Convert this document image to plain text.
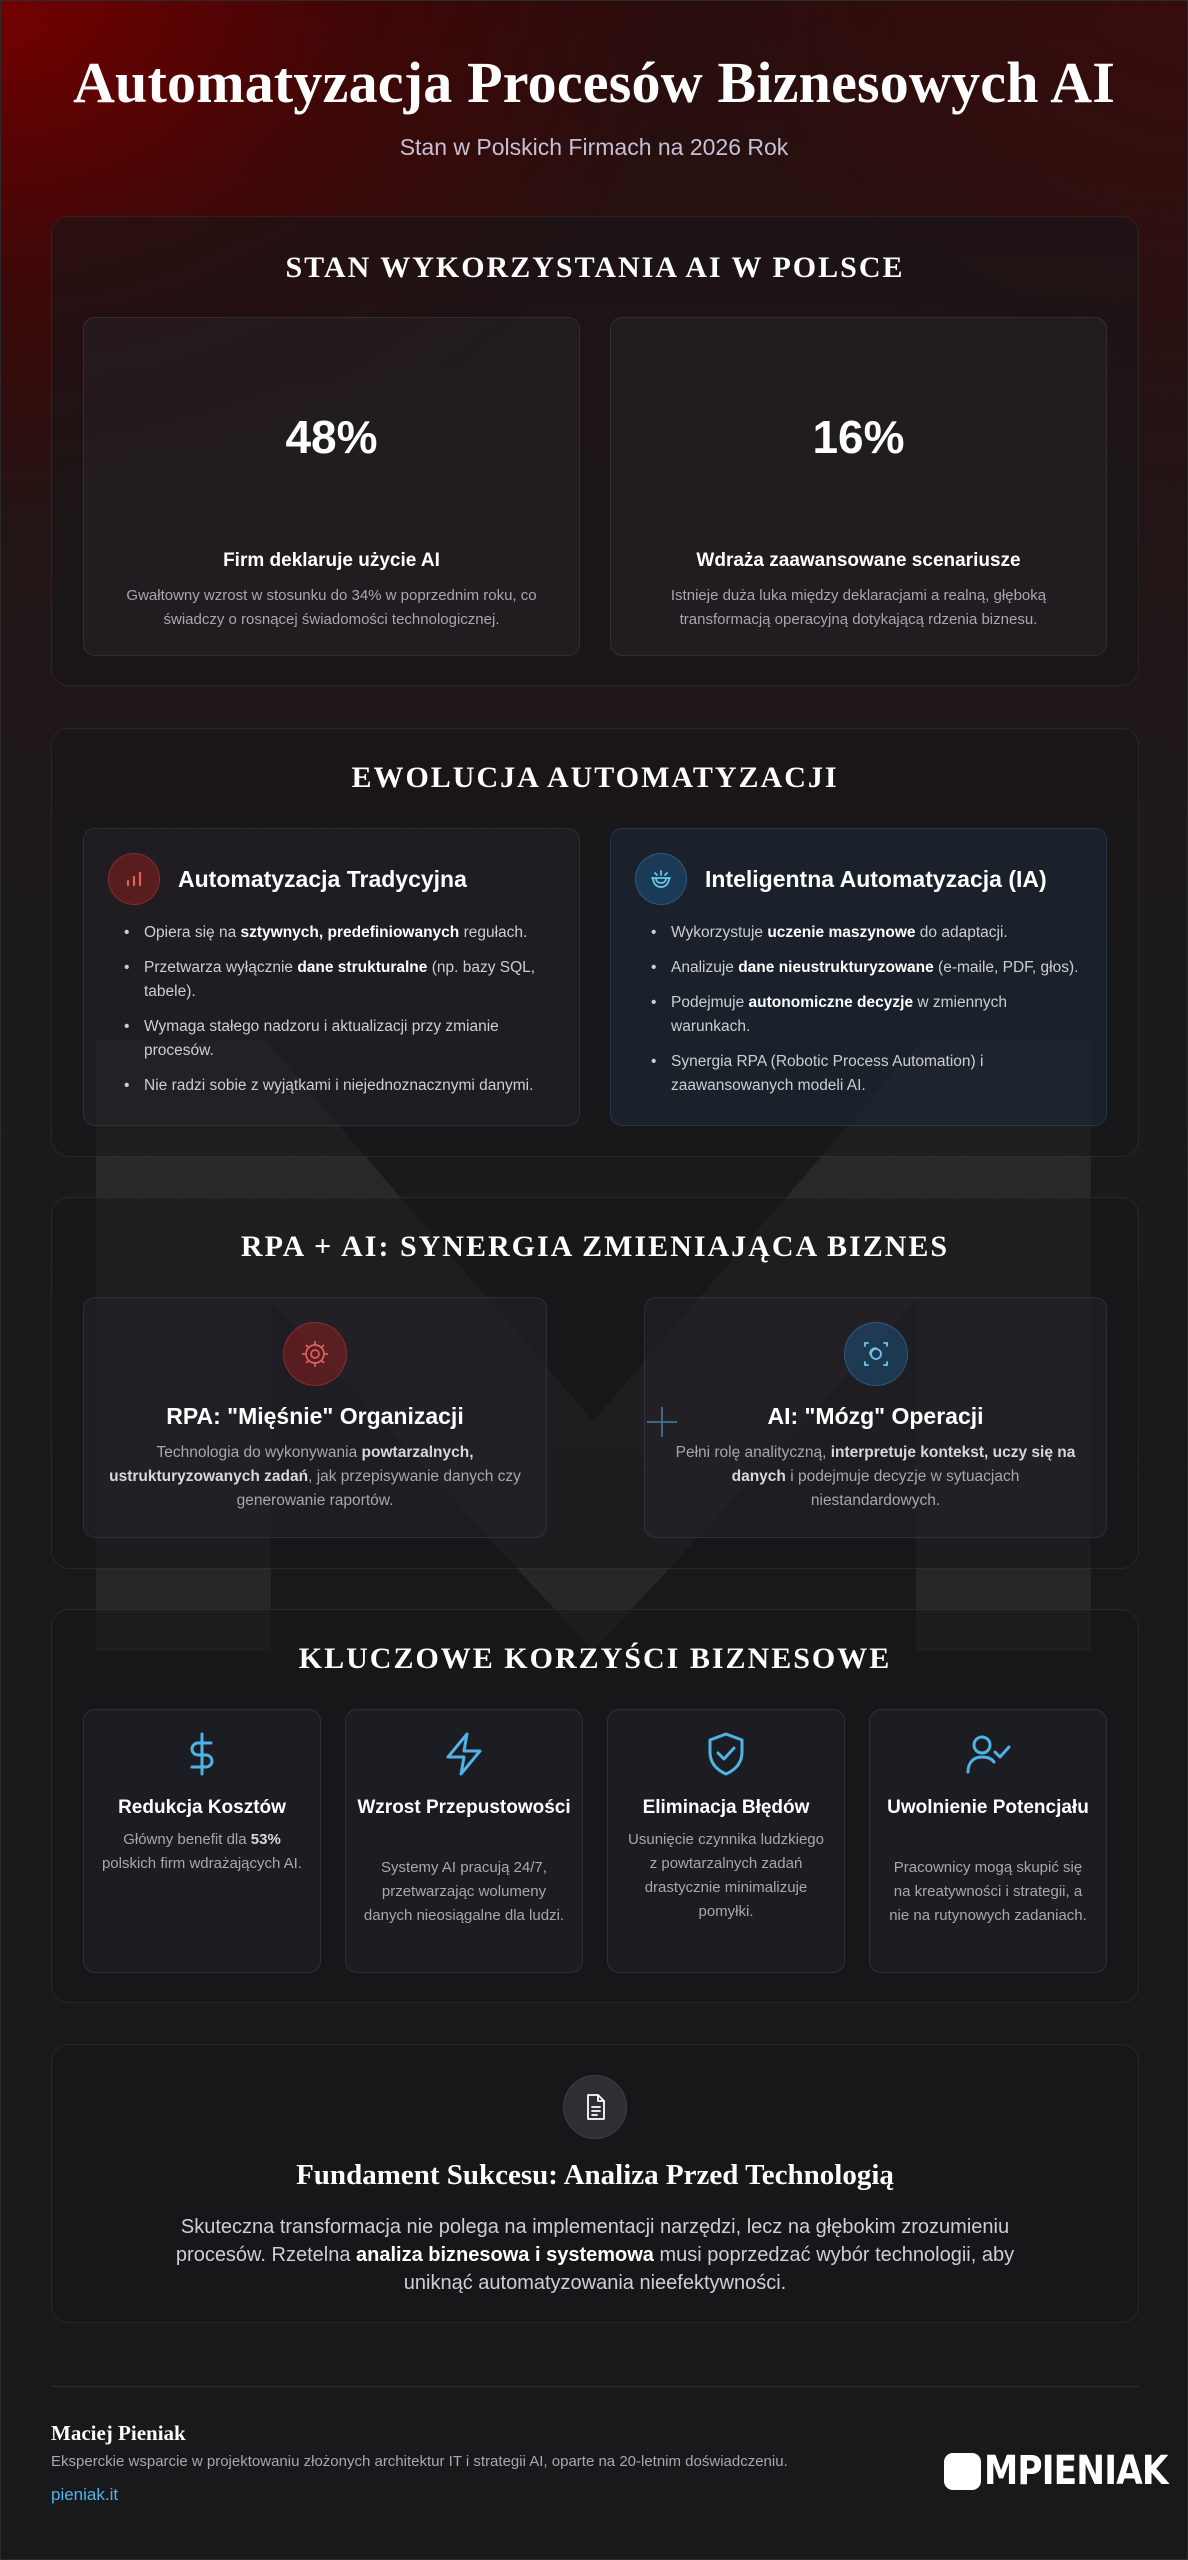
Automatyzacja Procesów Biznesowych AI
Stan w Polskich Firmach na 2026 Rok
STAN WYKORZYSTANIA AI W POLSCE
48%
Firm deklaruje użycie AI
Gwałtowny wzrost w stosunku do 34% w poprzednim roku, co świadczy o rosnącej świadomości technologicznej.
16%
Wdraża zaawansowane scenariusze
Istnieje duża luka między deklaracjami a realną, głęboką transformacją operacyjną dotykającą rdzenia biznesu.
EWOLUCJA AUTOMATYZACJI
Automatyzacja Tradycyjna
• Opiera się na sztywnych, predefiniowanych regułach.
• Przetwarza wyłącznie dane strukturalne (np. bazy SQL, tabele).
• Wymaga stałego nadzoru i aktualizacji przy zmianie procesów.
• Nie radzi sobie z wyjątkami i niejednoznacznymi danymi.
Inteligentna Automatyzacja (IA)
• Wykorzystuje uczenie maszynowe do adaptacji.
• Analizuje dane nieustrukturyzowane (e-maile, PDF, głos).
• Podejmuje autonomiczne decyzje w zmiennych warunkach.
• Synergia RPA (Robotic Process Automation) i zaawansowanych modeli AI.
RPA + AI: SYNERGIA ZMIENIAJĄCA BIZNES
RPA: "Mięśnie" Organizacji
Technologia do wykonywania powtarzalnych, ustrukturyzowanych zadań, jak przepisywanie danych czy generowanie raportów.
AI: "Mózg" Operacji
Pełni rolę analityczną, interpretuje kontekst, uczy się na danych i podejmuje decyzje w sytuacjach niestandardowych.
KLUCZOWE KORZYŚCI BIZNESOWE
Redukcja Kosztów
Główny benefit dla 53% polskich firm wdrażających AI.
Wzrost Przepustowości
Systemy AI pracują 24/7, przetwarzając wolumeny danych nieosiągalne dla ludzi.
Eliminacja Błędów
Usunięcie czynnika ludzkiego z powtarzalnych zadań drastycznie minimalizuje pomyłki.
Uwolnienie Potencjału
Pracownicy mogą skupić się na kreatywności i strategii, a nie na rutynowych zadaniach.
Fundament Sukcesu: Analiza Przed Technologią
Skuteczna transformacja nie polega na implementacji narzędzi, lecz na głębokim zrozumieniu procesów. Rzetelna analiza biznesowa i systemowa musi poprzedzać wybór technologii, aby uniknąć automatyzowania nieefektywności.
Maciej Pieniak
Eksperckie wsparcie w projektowaniu złożonych architektur IT i strategii AI, oparte na 20-letnim doświadczeniu.
pieniak.it
MPIENIAK
